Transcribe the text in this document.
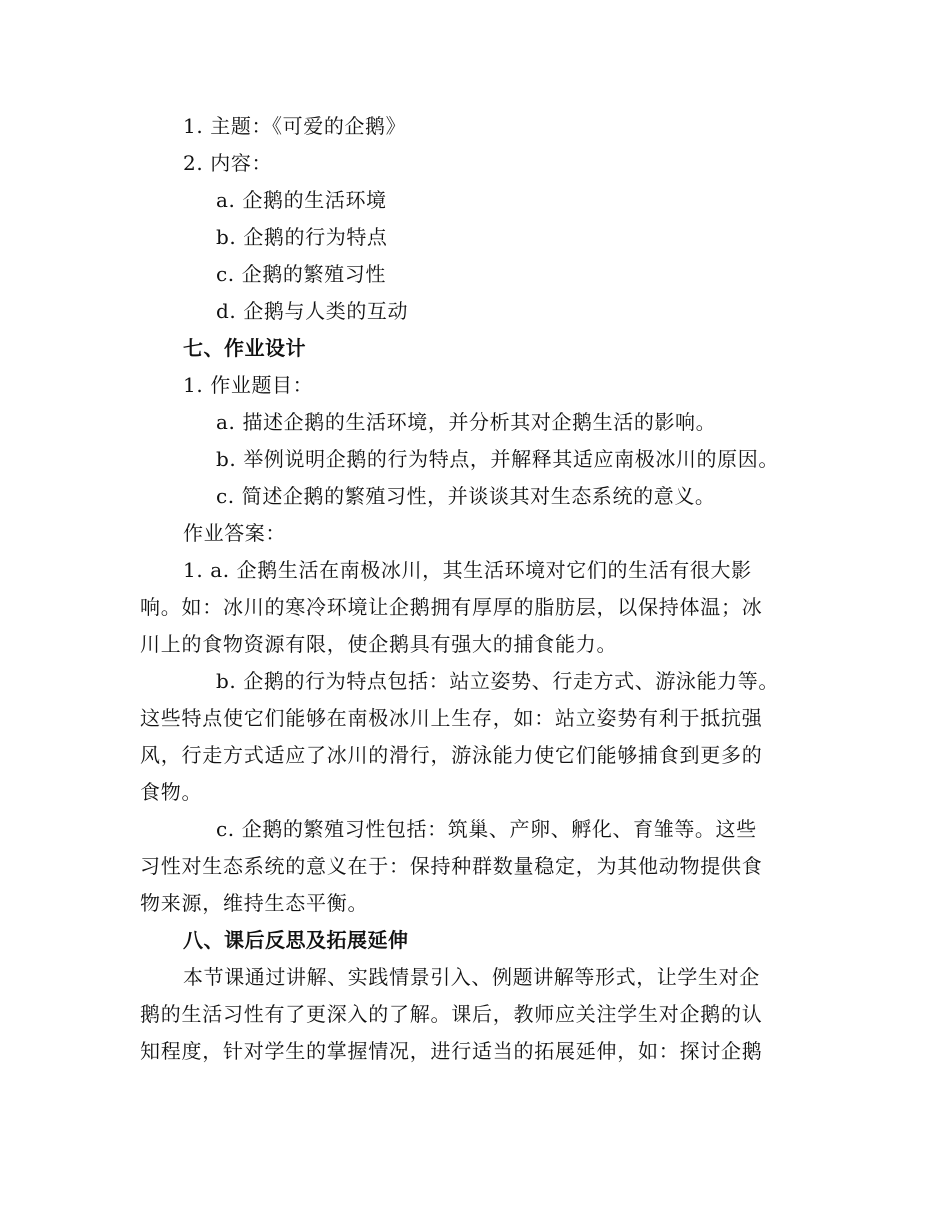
1. 主题：《可爱的企鹅》
2. 内容：
a. 企鹅的生活环境
b. 企鹅的行为特点
c. 企鹅的繁殖习性
d. 企鹅与人类的互动
七、作业设计
1. 作业题目：
a. 描述企鹅的生活环境，并分析其对企鹅生活的影响。
b. 举例说明企鹅的行为特点，并解释其适应南极冰川的原因。
c. 简述企鹅的繁殖习性，并谈谈其对生态系统的意义。
作业答案：
1. a. 企鹅生活在南极冰川，其生活环境对它们的生活有很大影
响。如：冰川的寒冷环境让企鹅拥有厚厚的脂肪层，以保持体温；冰
川上的食物资源有限，使企鹅具有强大的捕食能力。
b. 企鹅的行为特点包括：站立姿势、行走方式、游泳能力等。
这些特点使它们能够在南极冰川上生存，如：站立姿势有利于抵抗强
风，行走方式适应了冰川的滑行，游泳能力使它们能够捕食到更多的
食物。
c. 企鹅的繁殖习性包括：筑巢、产卵、孵化、育雏等。这些
习性对生态系统的意义在于：保持种群数量稳定，为其他动物提供食
物来源，维持生态平衡。
八、课后反思及拓展延伸
本节课通过讲解、实践情景引入、例题讲解等形式，让学生对企
鹅的生活习性有了更深入的了解。课后，教师应关注学生对企鹅的认
知程度，针对学生的掌握情况，进行适当的拓展延伸，如：探讨企鹅
